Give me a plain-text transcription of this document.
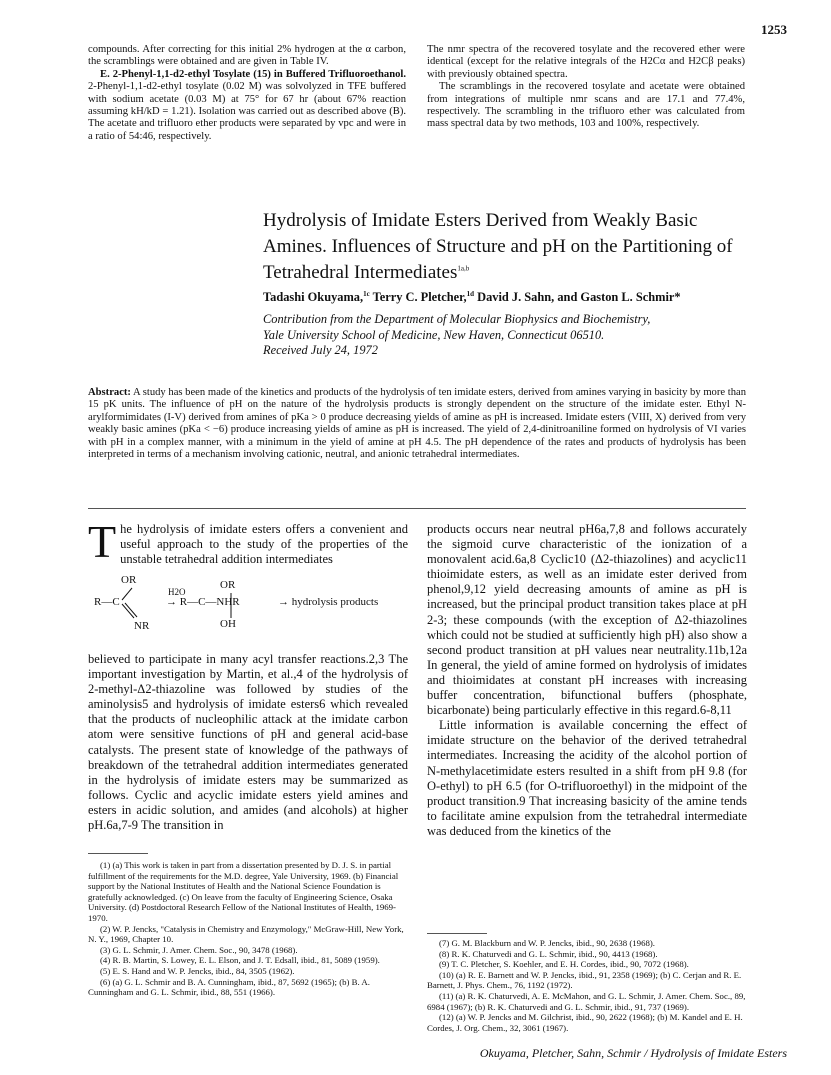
1253

compounds. After correcting for this initial 2% hydrogen at the α carbon, the scramblings were obtained and are given in Table IV.

E. 2-Phenyl-1,1-d2-ethyl Tosylate (15) in Buffered Trifluoroethanol. 2-Phenyl-1,1-d2-ethyl tosylate (0.02 M) was solvolyzed in TFE buffered with sodium acetate (0.03 M) at 75° for 67 hr (about 67% reaction assuming kH/kD = 1.21). Isolation was carried out as described above (B). The acetate and trifluoro ether products were separated by vpc and were in a ratio of 54:46, respectively.

The nmr spectra of the recovered tosylate and the recovered ether were identical (except for the relative integrals of the H2Cα and H2Cβ peaks) with previously obtained spectra.

The scramblings in the recovered tosylate and acetate were obtained from integrations of multiple nmr scans and are 17.1 and 77.4%, respectively. The scrambling in the trifluoro ether was calculated from mass spectral data by two methods, 103 and 100%, respectively.

Hydrolysis of Imidate Esters Derived from Weakly Basic Amines. Influences of Structure and pH on the Partitioning of Tetrahedral Intermediates$^{1a,b}$
Tadashi Okuyama,$^{1c}$ Terry C. Pletcher,$^{1d}$ David J. Sahn, and Gaston L. Schmir*
Contribution from the Department of Molecular Biophysics and Biochemistry,
Yale University School of Medicine, New Haven, Connecticut 06510.
Received July 24, 1972
Abstract: A study has been made of the kinetics and products of the hydrolysis of ten imidate esters, derived from amines varying in basicity by more than 15 pK units. The influence of pH on the nature of the hydrolysis products is strongly dependent on the structure of the imidate ester. Ethyl N-arylformimidates (I-V) derived from amines of pKa > 0 produce decreasing yields of amine as pH is increased. Imidate esters (VIII, X) derived from very weakly basic amines (pKa < −6) produce increasing yields of amine as pH is increased. The yield of 2,4-dinitroaniline formed on hydrolysis of VI varies with pH in a complex manner, with a minimum in the yield of amine at pH 4.5. The pH dependence of the rates and products of hydrolysis has been interpreted in terms of a mechanism involving cationic, neutral, and anionic tetrahedral intermediates.

The hydrolysis of imidate esters offers a convenient and useful approach to the study of the properties of the unstable tetrahedral addition intermediates

OR
R—C
NR
H2O
OR
→ R—C—NHR
OH
→ hydrolysis products

believed to participate in many acyl transfer reactions.2,3 The important investigation by Martin, et al.,4 of the hydrolysis of 2-methyl-Δ2-thiazoline was followed by studies of the aminolysis5 and hydrolysis of imidate esters6 which revealed that the products of nucleophilic attack at the imidate carbon atom were sensitive functions of pH and general acid-base catalysts. The present state of knowledge of the pathways of breakdown of the tetrahedral addition intermediates generated in the hydrolysis of imidate esters may be summarized as follows. Cyclic and acyclic imidate esters yield amines and esters in acidic solution, and amides (and alcohols) at higher pH.6a,7-9 The transition in

(1) (a) This work is taken in part from a dissertation presented by D. J. S. in partial fulfillment of the requirements for the M.D. degree, Yale University, 1969. (b) Financial support by the National Institutes of Health and the National Science Foundation is gratefully acknowledged. (c) On leave from the faculty of Engineering Science, Osaka University. (d) Postdoctoral Research Fellow of the National Institutes of Health, 1969-1970.

(2) W. P. Jencks, "Catalysis in Chemistry and Enzymology," McGraw-Hill, New York, N. Y., 1969, Chapter 10.

(3) G. L. Schmir, J. Amer. Chem. Soc., 90, 3478 (1968).

(4) R. B. Martin, S. Lowey, E. L. Elson, and J. T. Edsall, ibid., 81, 5089 (1959).

(5) E. S. Hand and W. P. Jencks, ibid., 84, 3505 (1962).

(6) (a) G. L. Schmir and B. A. Cunningham, ibid., 87, 5692 (1965); (b) B. A. Cunningham and G. L. Schmir, ibid., 88, 551 (1966).

products occurs near neutral pH6a,7,8 and follows accurately the sigmoid curve characteristic of the ionization of a monovalent acid.6a,8 Cyclic10 (Δ2-thiazolines) and acyclic11 thioimidate esters, as well as an imidate ester derived from phenol,9,12 yield decreasing amounts of amine as pH is increased, but the principal product transition takes place at pH 2-3; these compounds (with the exception of Δ2-thiazolines which could not be studied at sufficiently high pH) also show a second product transition at pH values near neutrality.11b,12a In general, the yield of amine formed on hydrolysis of imidates and thioimidates at constant pH increases with increasing buffer concentration, bifunctional buffers (phosphate, bicarbonate) being particularly effective in this regard.6-8,11

Little information is available concerning the effect of imidate structure on the behavior of the derived tetrahedral intermediates. Increasing the acidity of the alcohol portion of N-methylacetimidate esters resulted in a shift from pH 9.8 (for O-ethyl) to pH 6.5 (for O-trifluoroethyl) in the midpoint of the product transition.9 That increasing basicity of the amine tends to facilitate amine expulsion from the tetrahedral intermediate was deduced from the kinetics of the

(7) G. M. Blackburn and W. P. Jencks, ibid., 90, 2638 (1968).

(8) R. K. Chaturvedi and G. L. Schmir, ibid., 90, 4413 (1968).

(9) T. C. Pletcher, S. Koehler, and E. H. Cordes, ibid., 90, 7072 (1968).

(10) (a) R. E. Barnett and W. P. Jencks, ibid., 91, 2358 (1969); (b) C. Cerjan and R. E. Barnett, J. Phys. Chem., 76, 1192 (1972).

(11) (a) R. K. Chaturvedi, A. E. McMahon, and G. L. Schmir, J. Amer. Chem. Soc., 89, 6984 (1967); (b) R. K. Chaturvedi and G. L. Schmir, ibid., 91, 737 (1969).

(12) (a) W. P. Jencks and M. Gilchrist, ibid., 90, 2622 (1968); (b) M. Kandel and E. H. Cordes, J. Org. Chem., 32, 3061 (1967).

Okuyama, Pletcher, Sahn, Schmir / Hydrolysis of Imidate Esters
